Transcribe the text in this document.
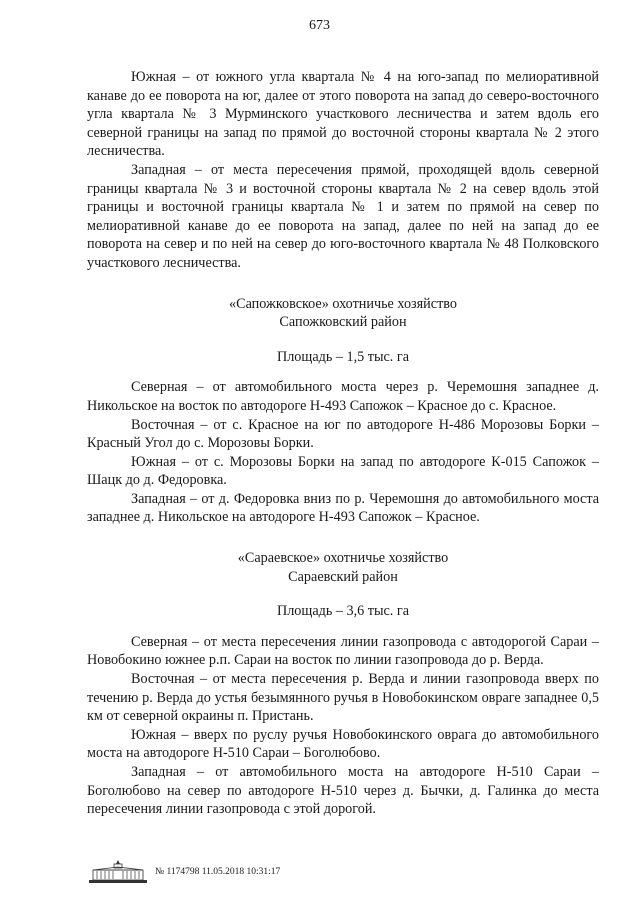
673

Южная – от южного угла квартала № 4 на юго-запад по мелиоративной канаве до ее поворота на юг, далее от этого поворота на запад до северо-восточного угла квартала № 3 Мурминского участкового лесничества и затем вдоль его северной границы на запад по прямой до восточной стороны квартала № 2 этого лесничества.

Западная – от места пересечения прямой, проходящей вдоль северной границы квартала № 3 и восточной стороны квартала № 2 на север вдоль этой границы и восточной границы квартала № 1 и затем по прямой на север по мелиоративной канаве до ее поворота на запад, далее по ней на запад до ее поворота на север и по ней на север до юго-восточного квартала № 48 Полковского участкового лесничества.

«Сапожковское» охотничье хозяйство
Сапожковский район
Площадь – 1,5 тыс. га

Северная – от автомобильного моста через р. Черемошня западнее д. Никольское на восток по автодороге Н-493 Сапожок – Красное до с. Красное.

Восточная – от с. Красное на юг по автодороге Н-486 Морозовы Борки – Красный Угол до с. Морозовы Борки.

Южная – от с. Морозовы Борки на запад по автодороге К-015 Сапожок – Шацк до д. Федоровка.

Западная – от д. Федоровка вниз по р. Черемошня до автомобильного моста западнее д. Никольское на автодороге Н-493 Сапожок – Красное.

«Сараевское» охотничье хозяйство
Сараевский район
Площадь – 3,6 тыс. га

Северная – от места пересечения линии газопровода с автодорогой Сараи – Новобокино южнее р.п. Сараи на восток по линии газопровода до р. Верда.

Восточная – от места пересечения р. Верда и линии газопровода вверх по течению р. Верда до устья безымянного ручья в Новобокинском овраге западнее 0,5 км от северной окраины п. Пристань.

Южная – вверх по руслу ручья Новобокинского оврага до автомобильного моста на автодороге Н-510 Сараи – Боголюбово.

Западная – от автомобильного моста на автодороге Н-510 Сараи – Боголюбово на север по автодороге Н-510 через д. Бычки, д. Галинка до места пересечения линии газопровода с этой дорогой.

№ 1174798 11.05.2018 10:31:17
